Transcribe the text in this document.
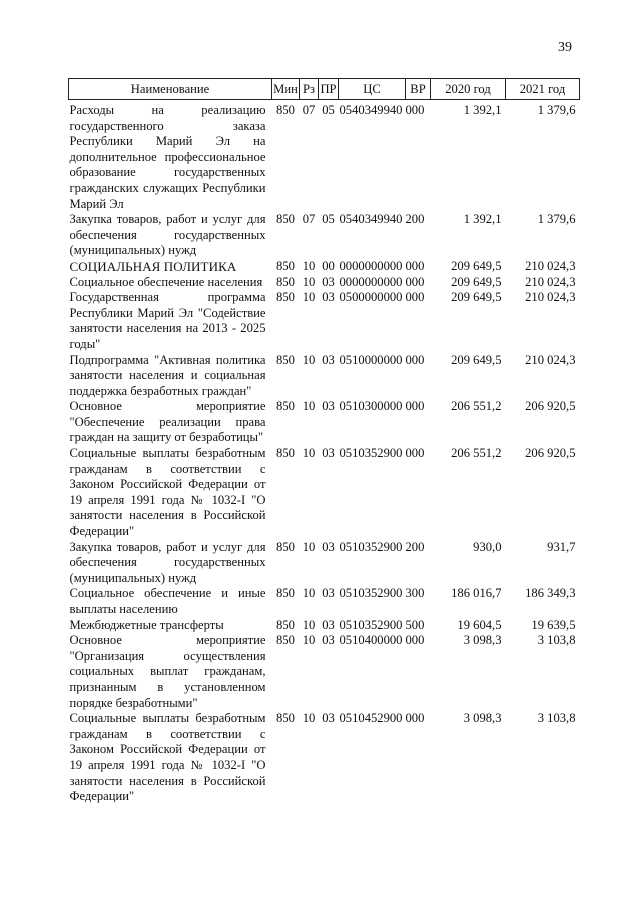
39
Наименование	Мин	Рз	ПР	ЦС	ВР	2020 год	2021 год
Расходы на реализацию государственного заказа Республики Марий Эл на дополнительное профессиональное образование государственных гражданских служащих Республики Марий Эл	850	07	05	0540349940	000	1 392,1	1 379,6
Закупка товаров, работ и услуг для обеспечения государственных (муниципальных) нужд	850	07	05	0540349940	200	1 392,1	1 379,6
СОЦИАЛЬНАЯ ПОЛИТИКА	850	10	00	0000000000	000	209 649,5	210 024,3
Социальное обеспечение населения	850	10	03	0000000000	000	209 649,5	210 024,3
Государственная программа Республики Марий Эл "Содействие занятости населения на 2013 - 2025 годы"	850	10	03	0500000000	000	209 649,5	210 024,3
Подпрограмма "Активная политика занятости населения и социальная поддержка безработных граждан"	850	10	03	0510000000	000	209 649,5	210 024,3
Основное мероприятие "Обеспечение реализации права граждан на защиту от безработицы"	850	10	03	0510300000	000	206 551,2	206 920,5
Социальные выплаты безработным гражданам в соответствии с Законом Российской Федерации от 19 апреля 1991 года № 1032-I "О занятости населения в Российской Федерации"	850	10	03	0510352900	000	206 551,2	206 920,5
Закупка товаров, работ и услуг для обеспечения государственных (муниципальных) нужд	850	10	03	0510352900	200	930,0	931,7
Социальное обеспечение и иные выплаты населению	850	10	03	0510352900	300	186 016,7	186 349,3
Межбюджетные трансферты	850	10	03	0510352900	500	19 604,5	19 639,5
Основное мероприятие "Организация осуществления социальных выплат гражданам, признанным в установленном порядке безработными"	850	10	03	0510400000	000	3 098,3	3 103,8
Социальные выплаты безработным гражданам в соответствии с Законом Российской Федерации от 19 апреля 1991 года № 1032-I "О занятости населения в Российской Федерации"	850	10	03	0510452900	000	3 098,3	3 103,8
